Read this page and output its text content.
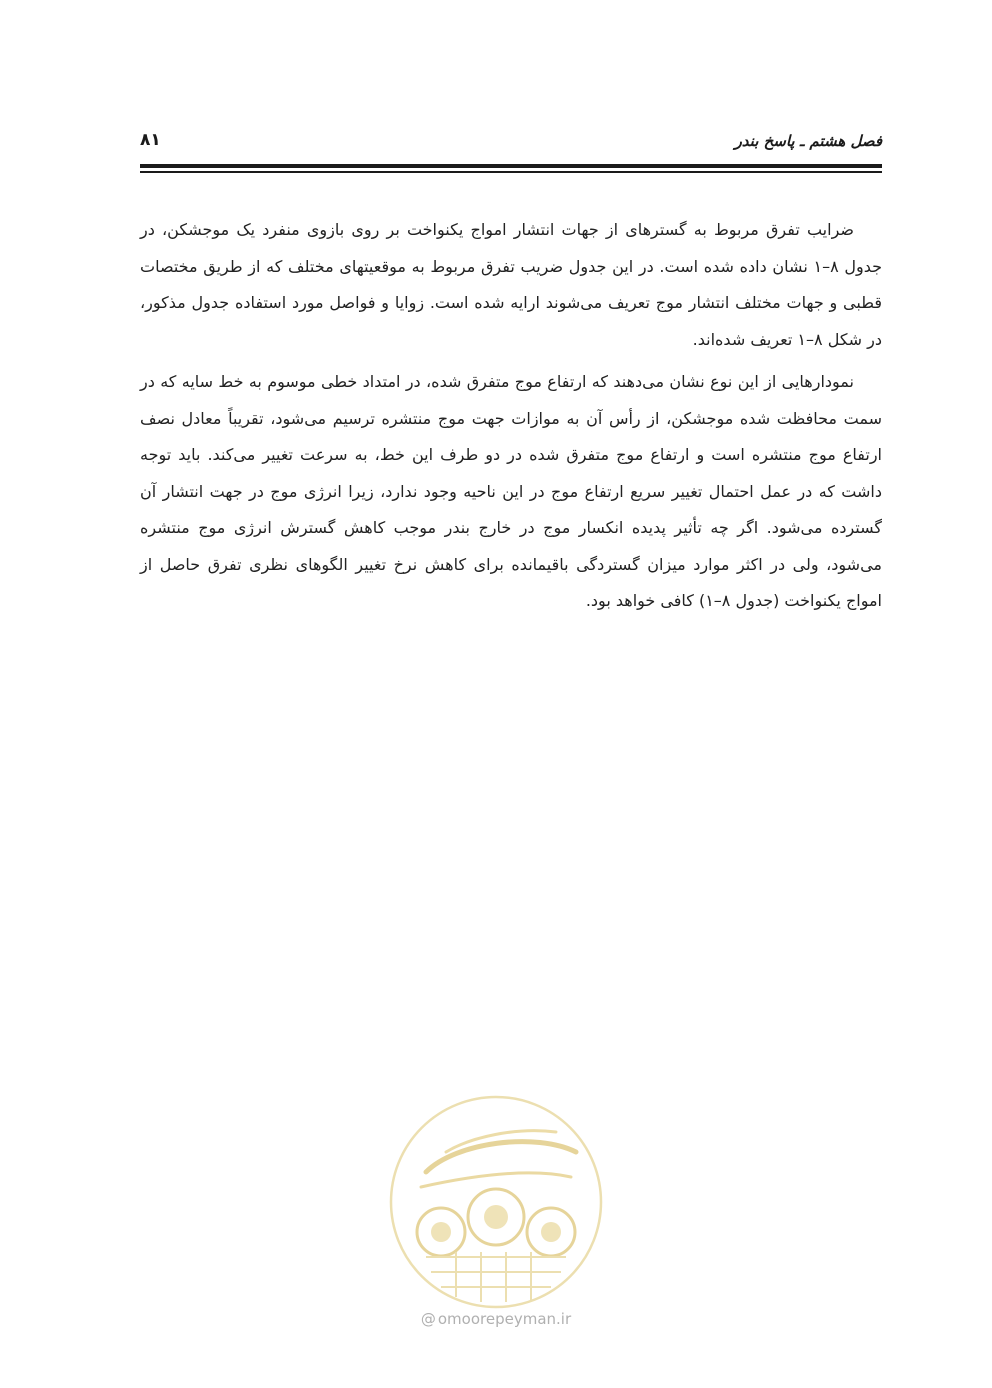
فصل هشتم ـ پاسخ بندر
۸۱

ضرایب تفرق مربوط به گسترهای از جهات انتشار امواج یکنواخت بر روی بازوی منفرد یک موجشکن، در جدول ۸–۱ نشان داده شده است. در این جدول ضریب تفرق مربوط به موقعیتهای مختلف که از طریق مختصات قطبی و جهات مختلف انتشار موج تعریف می‌شوند ارایه شده است. زوایا و فواصل مورد استفاده جدول مذکور، در شکل ۸–۱ تعریف شده‌اند.

نمودارهایی از این نوع نشان می‌دهند که ارتفاع موج متفرق شده، در امتداد خطی موسوم به خط سایه که در سمت محافظت شده موجشکن، از رأس آن به موازات جهت موج منتشره ترسیم می‌شود، تقریباً معادل نصف ارتفاع موج منتشره است و ارتفاع موج متفرق شده در دو طرف این خط، به سرعت تغییر می‌کند. باید توجه داشت که در عمل احتمال تغییر سریع ارتفاع موج در این ناحیه وجود ندارد، زیرا انرژی موج در جهت انتشار آن گسترده می‌شود. اگر چه تأثیر پدیده انکسار موج در خارج بندر موجب کاهش گسترش انرژی موج منتشره می‌شود، ولی در اکثر موارد میزان گستردگی باقیمانده برای کاهش نرخ تغییر الگوهای نظری تفرق حاصل از امواج یکنواخت (جدول ۸–۱) کافی خواهد بود.

@ omoorepeyman.ir
